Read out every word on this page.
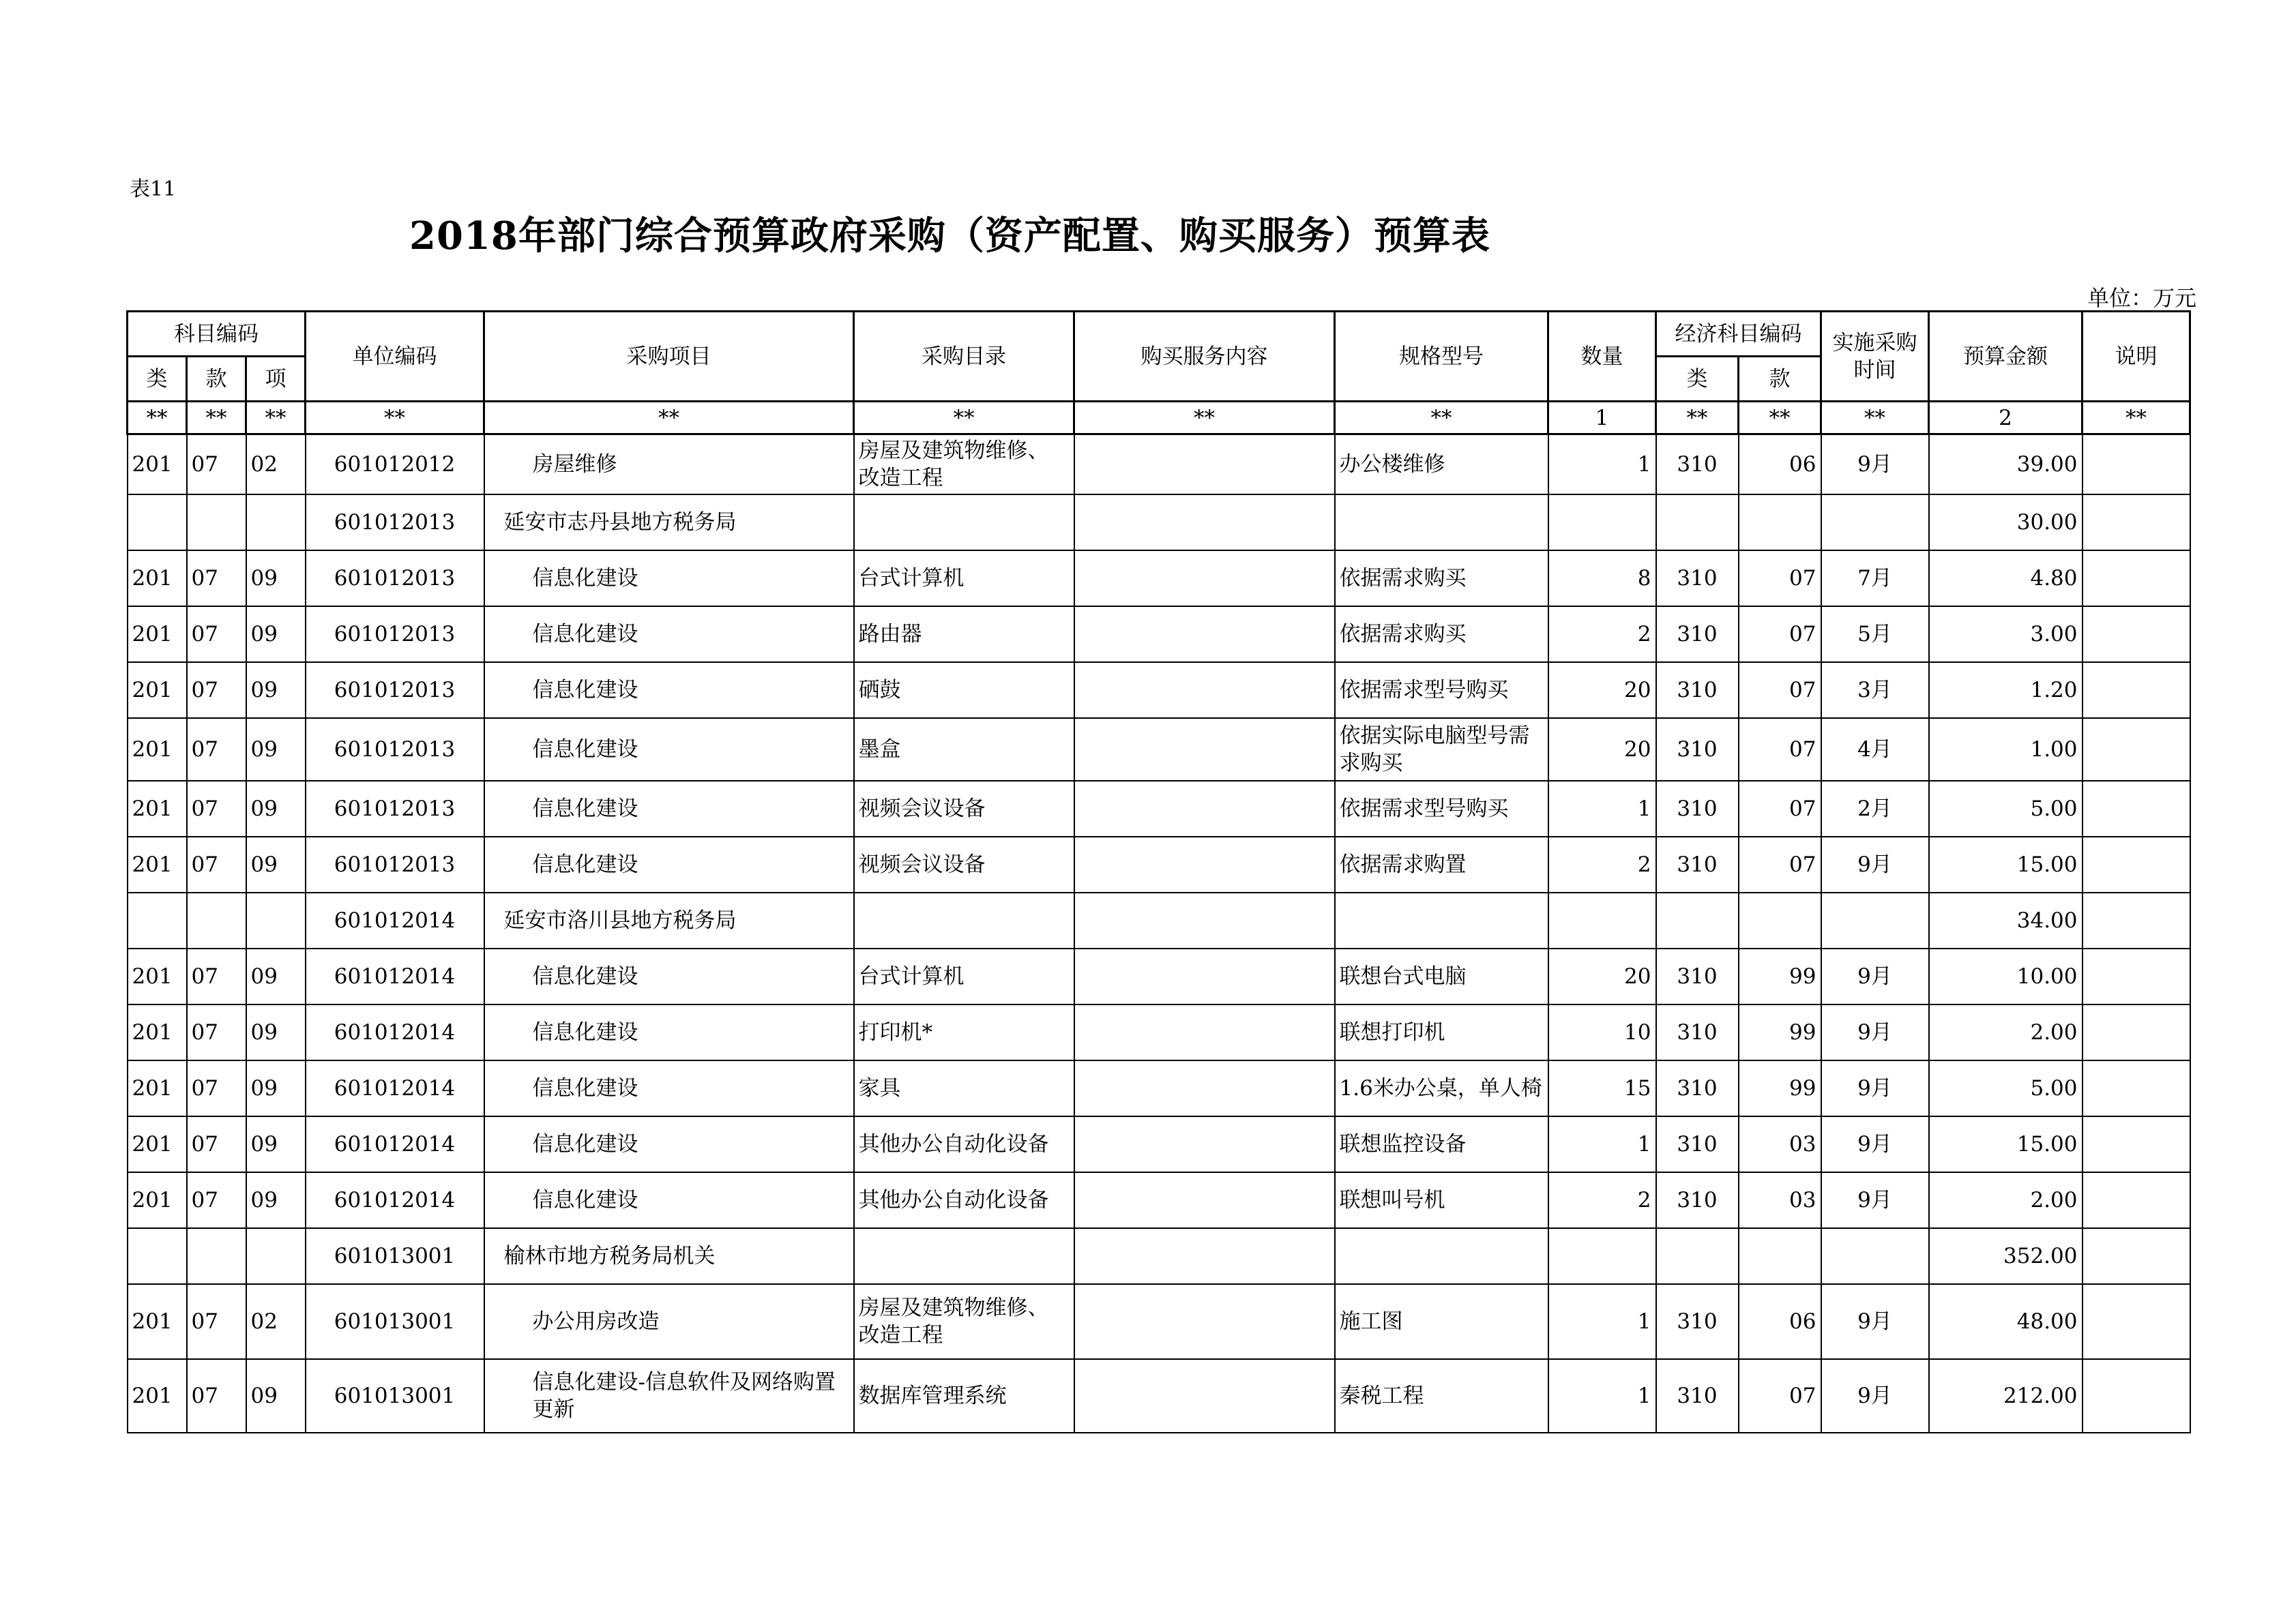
表11
2018年部门综合预算政府采购（资产配置、购买服务）预算表
单位：万元
科目编码			单位编码	采购项目	采购目录	购买服务内容	规格型号	数量	经济科目编码		实施采购时间	预算金额	说明
类	款	项							类	款			
**	**	**	**	**	**	**	**	1	**	**	**	2	**
201	07	02	601012012	房屋维修	房屋及建筑物维修、改造工程		办公楼维修	1	310	06	9月	39.00	
			601012013	延安市志丹县地方税务局								30.00	
201	07	09	601012013	信息化建设	台式计算机		依据需求购买	8	310	07	7月	4.80	
201	07	09	601012013	信息化建设	路由器		依据需求购买	2	310	07	5月	3.00	
201	07	09	601012013	信息化建设	硒鼓		依据需求型号购买	20	310	07	3月	1.20	
201	07	09	601012013	信息化建设	墨盒		依据实际电脑型号需求购买	20	310	07	4月	1.00	
201	07	09	601012013	信息化建设	视频会议设备		依据需求型号购买	1	310	07	2月	5.00	
201	07	09	601012013	信息化建设	视频会议设备		依据需求购置	2	310	07	9月	15.00	
			601012014	延安市洛川县地方税务局								34.00	
201	07	09	601012014	信息化建设	台式计算机		联想台式电脑	20	310	99	9月	10.00	
201	07	09	601012014	信息化建设	打印机*		联想打印机	10	310	99	9月	2.00	
201	07	09	601012014	信息化建设	家具		1.6米办公桌，单人椅	15	310	99	9月	5.00	
201	07	09	601012014	信息化建设	其他办公自动化设备		联想监控设备	1	310	03	9月	15.00	
201	07	09	601012014	信息化建设	其他办公自动化设备		联想叫号机	2	310	03	9月	2.00	
			601013001	榆林市地方税务局机关								352.00	
201	07	02	601013001	办公用房改造	房屋及建筑物维修、改造工程		施工图	1	310	06	9月	48.00	
201	07	09	601013001	信息化建设-信息软件及网络购置更新	数据库管理系统		秦税工程	1	310	07	9月	212.00	
